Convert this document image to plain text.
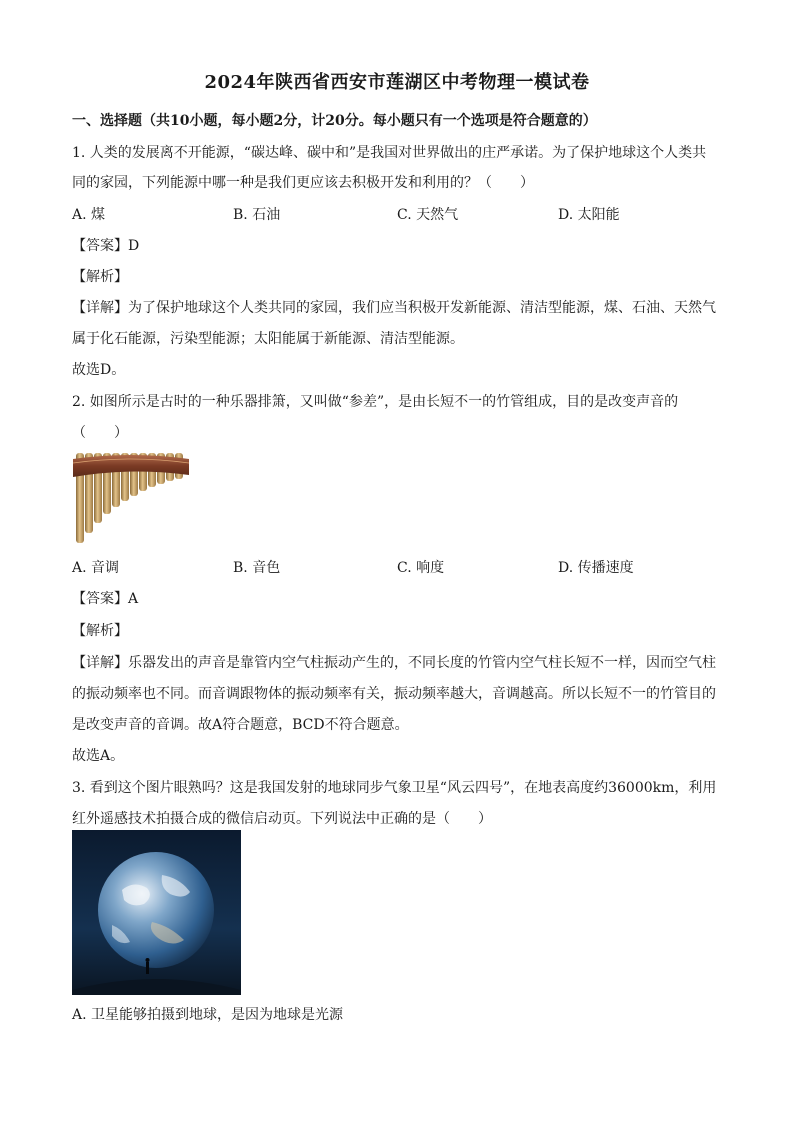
2024年陕西省西安市莲湖区中考物理一模试卷
一、选择题（共10小题，每小题2分，计20分。每小题只有一个选项是符合题意的）
1. 人类的发展离不开能源，“碳达峰、碳中和”是我国对世界做出的庄严承诺。为了保护地球这个人类共
同的家园，下列能源中哪一种是我们更应该去积极开发和利用的？（　　）
A. 煤	B. 石油	C. 天然气	D. 太阳能
【答案】D
【解析】
【详解】为了保护地球这个人类共同的家园，我们应当积极开发新能源、清洁型能源，煤、石油、天然气
属于化石能源，污染型能源；太阳能属于新能源、清洁型能源。
故选D。
2. 如图所示是古时的一种乐器排箫，又叫做“参差”，是由长短不一的竹管组成，目的是改变声音的
（　　）
A. 音调	B. 音色	C. 响度	D. 传播速度
【答案】A
【解析】
【详解】乐器发出的声音是靠管内空气柱振动产生的，不同长度的竹管内空气柱长短不一样，因而空气柱
的振动频率也不同。而音调跟物体的振动频率有关，振动频率越大，音调越高。所以长短不一的竹管目的
是改变声音的音调。故A符合题意，BCD不符合题意。
故选A。
3. 看到这个图片眼熟吗？这是我国发射的地球同步气象卫星“风云四号”，在地表高度约36000km，利用
红外遥感技术拍摄合成的微信启动页。下列说法中正确的是（　　）
A. 卫星能够拍摄到地球，是因为地球是光源
